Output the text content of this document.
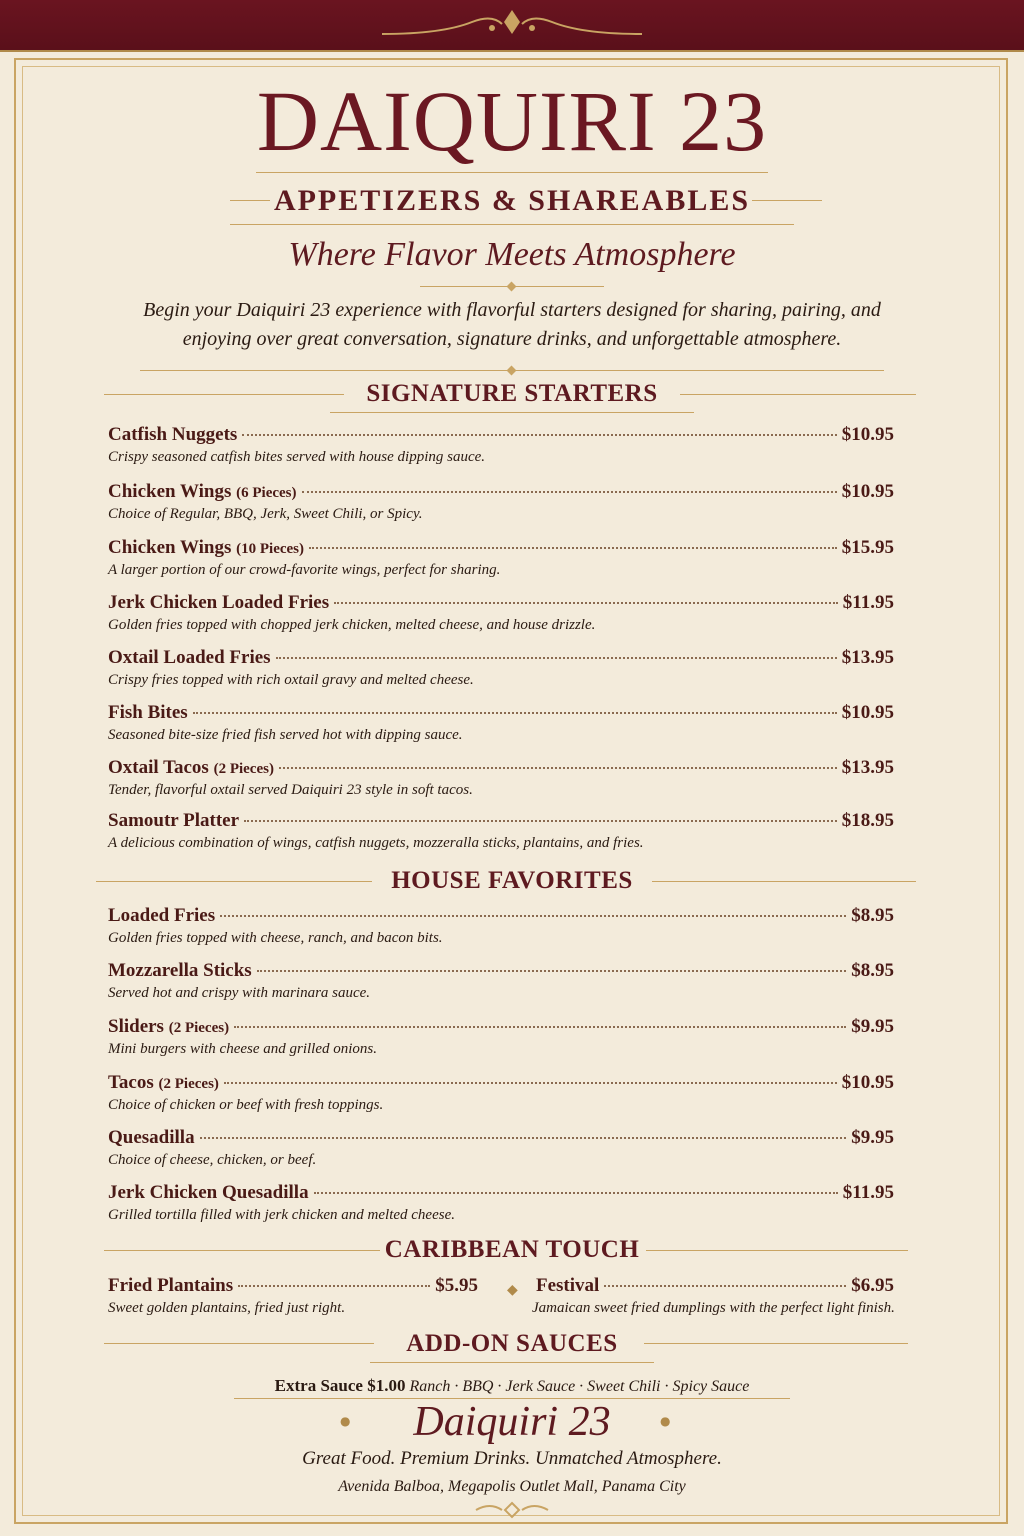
DAIQUIRI 23
APPETIZERS & SHAREABLES
Where Flavor Meets Atmosphere
Begin your Daiquiri 23 experience with flavorful starters designed for sharing, pairing, and enjoying over great conversation, signature drinks, and unforgettable atmosphere.
SIGNATURE STARTERS
Catfish Nuggets	$10.95
Crispy seasoned catfish bites served with house dipping sauce.
Chicken Wings (6 Pieces)	$10.95
Choice of Regular, BBQ, Jerk, Sweet Chili, or Spicy.
Chicken Wings (10 Pieces)	$15.95
A larger portion of our crowd-favorite wings, perfect for sharing.
Jerk Chicken Loaded Fries	$11.95
Golden fries topped with chopped jerk chicken, melted cheese, and house drizzle.
Oxtail Loaded Fries	$13.95
Crispy fries topped with rich oxtail gravy and melted cheese.
Fish Bites	$10.95
Seasoned bite-size fried fish served hot with dipping sauce.
Oxtail Tacos (2 Pieces)	$13.95
Tender, flavorful oxtail served Daiquiri 23 style in soft tacos.
Samoutr Platter	$18.95
A delicious combination of wings, catfish nuggets, mozzeralla sticks, plantains, and fries.
HOUSE FAVORITES
Loaded Fries	$8.95
Golden fries topped with cheese, ranch, and bacon bits.
Mozzarella Sticks	$8.95
Served hot and crispy with marinara sauce.
Sliders (2 Pieces)	$9.95
Mini burgers with cheese and grilled onions.
Tacos (2 Pieces)	$10.95
Choice of chicken or beef with fresh toppings.
Quesadilla	$9.95
Choice of cheese, chicken, or beef.
Jerk Chicken Quesadilla	$11.95
Grilled tortilla filled with jerk chicken and melted cheese.
CARIBBEAN TOUCH
Fried Plantains	$5.95
Sweet golden plantains, fried just right.
◆ Festival	$6.95
Jamaican sweet fried dumplings with the perfect light finish.
ADD-ON SAUCES
Extra Sauce $1.00 Ranch · BBQ · Jerk Sauce · Sweet Chili · Spicy Sauce
Daiquiri 23
●	●
Great Food. Premium Drinks. Unmatched Atmosphere.
Avenida Balboa, Megapolis Outlet Mall, Panama City
